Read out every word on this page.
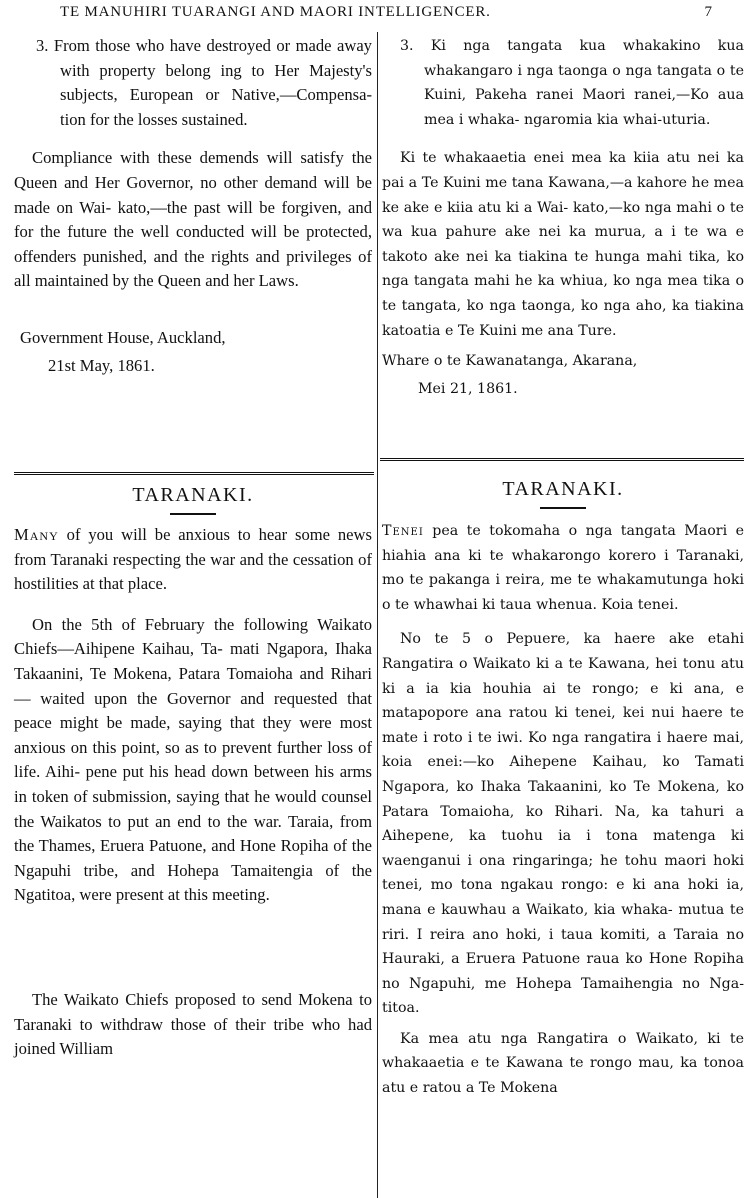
TE MANUHIRI TUARANGI AND MAORI INTELLIGENCER.	7
3. From those who have destroyed or made away with property belong ing to Her Majesty's subjects, European or Native,—Compensa- tion for the losses sustained.
Compliance with these demends will satisfy the Queen and Her Governor, no other demand will be made on Wai- kato,—the past will be forgiven, and for the future the well conducted will be protected, offenders punished, and the rights and privileges of all maintained by the Queen and her Laws.
Government House, Auckland,
21st May, 1861.
TARANAKI.
Many of you will be anxious to hear some news from Taranaki respecting the war and the cessation of hostilities at that place.
On the 5th of February the following Waikato Chiefs—Aihipene Kaihau, Ta- mati Ngapora, Ihaka Takaanini, Te Mokena, Patara Tomaioha and Rihari— waited upon the Governor and requested that peace might be made, saying that they were most anxious on this point, so as to prevent further loss of life. Aihi- pene put his head down between his arms in token of submission, saying that he would counsel the Waikatos to put an end to the war. Taraia, from the Thames, Eruera Patuone, and Hone Ropiha of the Ngapuhi tribe, and Hohepa Tamaitengia of the Ngatitoa, were present at this meeting.
The Waikato Chiefs proposed to send Mokena to Taranaki to withdraw those of their tribe who had joined William
3. Ki nga tangata kua whakakino kua whakangaro i nga taonga o nga tangata o te Kuini, Pakeha ranei Maori ranei,—Ko aua mea i whaka- ngaromia kia whai-uturia.
Ki te whakaaetia enei mea ka kiia atu nei ka pai a Te Kuini me tana Kawana,—a kahore he mea ke ake e kiia atu ki a Wai- kato,—ko nga mahi o te wa kua pahure ake nei ka murua, a i te wa e takoto ake nei ka tiakina te hunga mahi tika, ko nga tangata mahi he ka whiua, ko nga mea tika o te tangata, ko nga taonga, ko nga aho, ka tiakina katoatia e Te Kuini me ana Ture.
Whare o te Kawanatanga, Akarana,
Mei 21, 1861.
TARANAKI.
Tenei pea te tokomaha o nga tangata Maori e hiahia ana ki te whakarongo korero i Taranaki, mo te pakanga i reira, me te whakamutunga hoki o te whawhai ki taua whenua. Koia tenei.
No te 5 o Pepuere, ka haere ake etahi Rangatira o Waikato ki a te Kawana, hei tonu atu ki a ia kia houhia ai te rongo; e ki ana, e matapopore ana ratou ki tenei, kei nui haere te mate i roto i te iwi. Ko nga rangatira i haere mai, koia enei:—ko Aihepene Kaihau, ko Tamati Ngapora, ko Ihaka Takaanini, ko Te Mokena, ko Patara Tomaioha, ko Rihari. Na, ka tahuri a Aihepene, ka tuohu ia i tona matenga ki waenganui i ona ringaringa; he tohu maori hoki tenei, mo tona ngakau rongo: e ki ana hoki ia, mana e kauwhau a Waikato, kia whaka- mutua te riri. I reira ano hoki, i taua komiti, a Taraia no Hauraki, a Eruera Patuone raua ko Hone Ropiha no Ngapuhi, me Hohepa Tamaihengia no Nga- titoa.
Ka mea atu nga Rangatira o Waikato, ki te whakaaetia e te Kawana te rongo mau, ka tonoa atu e ratou a Te Mokena
